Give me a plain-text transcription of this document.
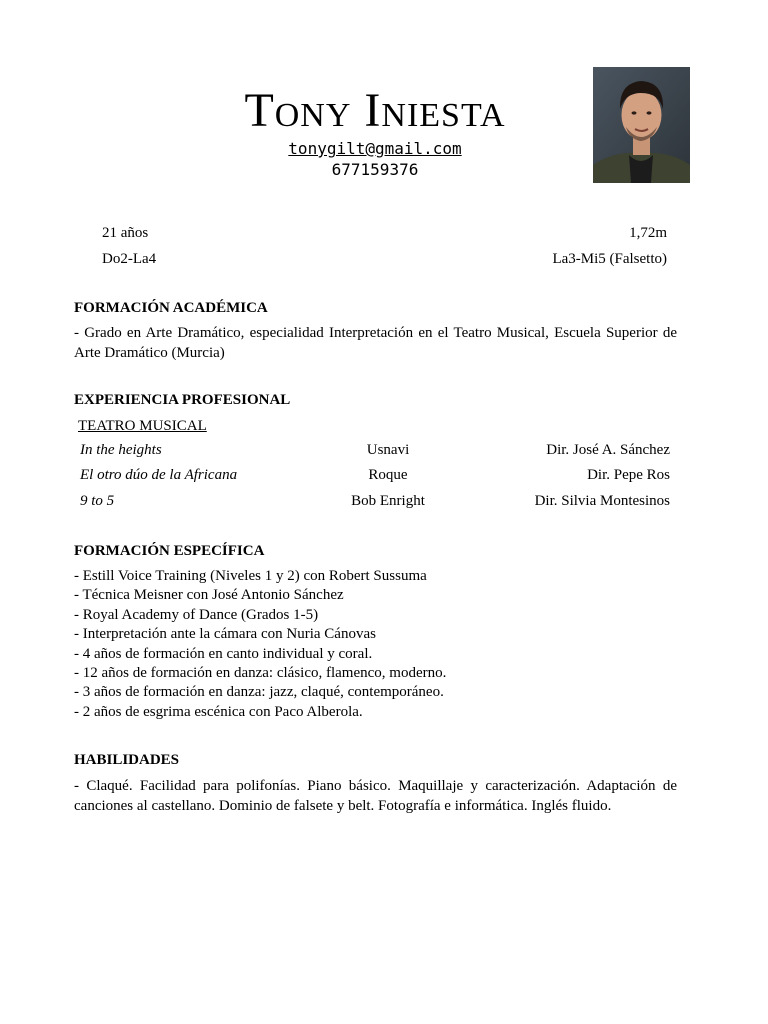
Tony Iniesta
tonygilt@gmail.com
677159376
21 años	1,72m
Do2-La4	La3-Mi5 (Falsetto)
FORMACIÓN ACADÉMICA
- Grado en Arte Dramático, especialidad Interpretación en el Teatro Musical, Escuela Superior de Arte Dramático (Murcia)
EXPERIENCIA PROFESIONAL
TEATRO MUSICAL
In the heights	Usnavi	Dir. José A. Sánchez
El otro dúo de la Africana	Roque	Dir. Pepe Ros
9 to 5	Bob Enright	Dir. Silvia Montesinos
FORMACIÓN ESPECÍFICA
- Estill Voice Training (Niveles 1 y 2) con Robert Sussuma
- Técnica Meisner con José Antonio Sánchez
- Royal Academy of Dance (Grados 1-5)
- Interpretación ante la cámara con Nuria Cánovas
- 4 años de formación en canto individual y coral.
- 12 años de formación en danza: clásico, flamenco, moderno.
- 3 años de formación en danza: jazz, claqué, contemporáneo.
- 2 años de esgrima escénica con Paco Alberola.
HABILIDADES
- Claqué. Facilidad para polifonías. Piano básico. Maquillaje y caracterización. Adaptación de canciones al castellano. Dominio de falsete y belt. Fotografía e informática. Inglés fluido.
